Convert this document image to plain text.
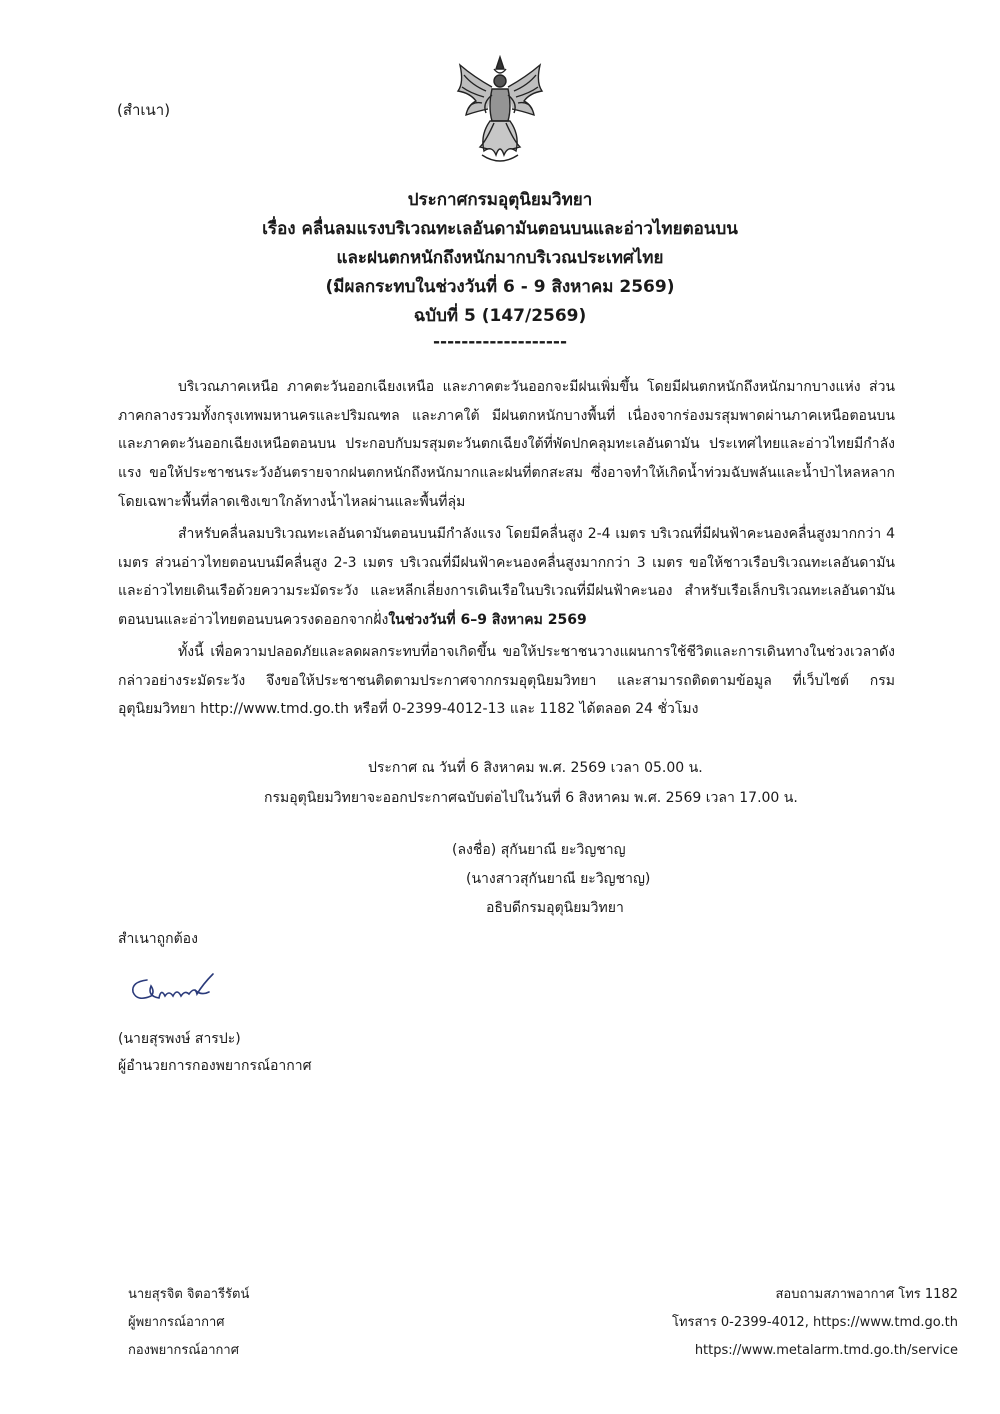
(สำเนา)
ประกาศกรมอุตุนิยมวิทยา
เรื่อง คลื่นลมแรงบริเวณทะเลอันดามันตอนบนและอ่าวไทยตอนบน
และฝนตกหนักถึงหนักมากบริเวณประเทศไทย
(มีผลกระทบในช่วงวันที่ 6 - 9 สิงหาคม 2569)
ฉบับที่ 5 (147/2569)
-------------------

บริเวณภาคเหนือ ภาคตะวันออกเฉียงเหนือ และภาคตะวันออกจะมีฝนเพิ่มขึ้น โดยมีฝนตกหนักถึงหนักมากบางแห่ง ส่วนภาคกลางรวมทั้งกรุงเทพมหานครและปริมณฑล และภาคใต้ มีฝนตกหนักบางพื้นที่ เนื่องจากร่องมรสุมพาดผ่านภาคเหนือตอนบนและภาคตะวันออกเฉียงเหนือตอนบน ประกอบกับมรสุมตะวันตกเฉียงใต้ที่พัดปกคลุมทะเลอันดามัน ประเทศไทยและอ่าวไทยมีกำลังแรง ขอให้ประชาชนระวังอันตรายจากฝนตกหนักถึงหนักมากและฝนที่ตกสะสม ซึ่งอาจทำให้เกิดน้ำท่วมฉับพลันและน้ำป่าไหลหลาก โดยเฉพาะพื้นที่ลาดเชิงเขาใกล้ทางน้ำไหลผ่านและพื้นที่ลุ่ม

สำหรับคลื่นลมบริเวณทะเลอันดามันตอนบนมีกำลังแรง โดยมีคลื่นสูง 2-4 เมตร บริเวณที่มีฝนฟ้าคะนองคลื่นสูงมากกว่า 4 เมตร ส่วนอ่าวไทยตอนบนมีคลื่นสูง 2-3 เมตร บริเวณที่มีฝนฟ้าคะนองคลื่นสูงมากกว่า 3 เมตร ขอให้ชาวเรือบริเวณทะเลอันดามันและอ่าวไทยเดินเรือด้วยความระมัดระวัง และหลีกเลี่ยงการเดินเรือในบริเวณที่มีฝนฟ้าคะนอง สำหรับเรือเล็กบริเวณทะเลอันดามันตอนบนและอ่าวไทยตอนบนควรงดออกจากฝั่งในช่วงวันที่ 6–9 สิงหาคม 2569

ทั้งนี้ เพื่อความปลอดภัยและลดผลกระทบที่อาจเกิดขึ้น ขอให้ประชาชนวางแผนการใช้ชีวิตและการเดินทางในช่วงเวลาดังกล่าวอย่างระมัดระวัง จึงขอให้ประชาชนติดตามประกาศจากกรมอุตุนิยมวิทยา และสามารถติดตามข้อมูล ที่เว็บไซต์ กรมอุตุนิยมวิทยา http://www.tmd.go.th หรือที่ 0-2399-4012-13 และ 1182 ได้ตลอด 24 ชั่วโมง

ประกาศ ณ วันที่ 6 สิงหาคม พ.ศ. 2569 เวลา 05.00 น.
กรมอุตุนิยมวิทยาจะออกประกาศฉบับต่อไปในวันที่ 6 สิงหาคม พ.ศ. 2569 เวลา 17.00 น.
(ลงชื่อ) สุกันยาณี ยะวิญชาญ
(นางสาวสุกันยาณี ยะวิญชาญ)
อธิบดีกรมอุตุนิยมวิทยา
สำเนาถูกต้อง
(นายสุรพงษ์ สารปะ)
ผู้อำนวยการกองพยากรณ์อากาศ
นายสุรจิต จิตอารีรัตน์
ผู้พยากรณ์อากาศ
กองพยากรณ์อากาศ
สอบถามสภาพอากาศ โทร 1182
โทรสาร 0-2399-4012, https://www.tmd.go.th
https://www.metalarm.tmd.go.th/service
